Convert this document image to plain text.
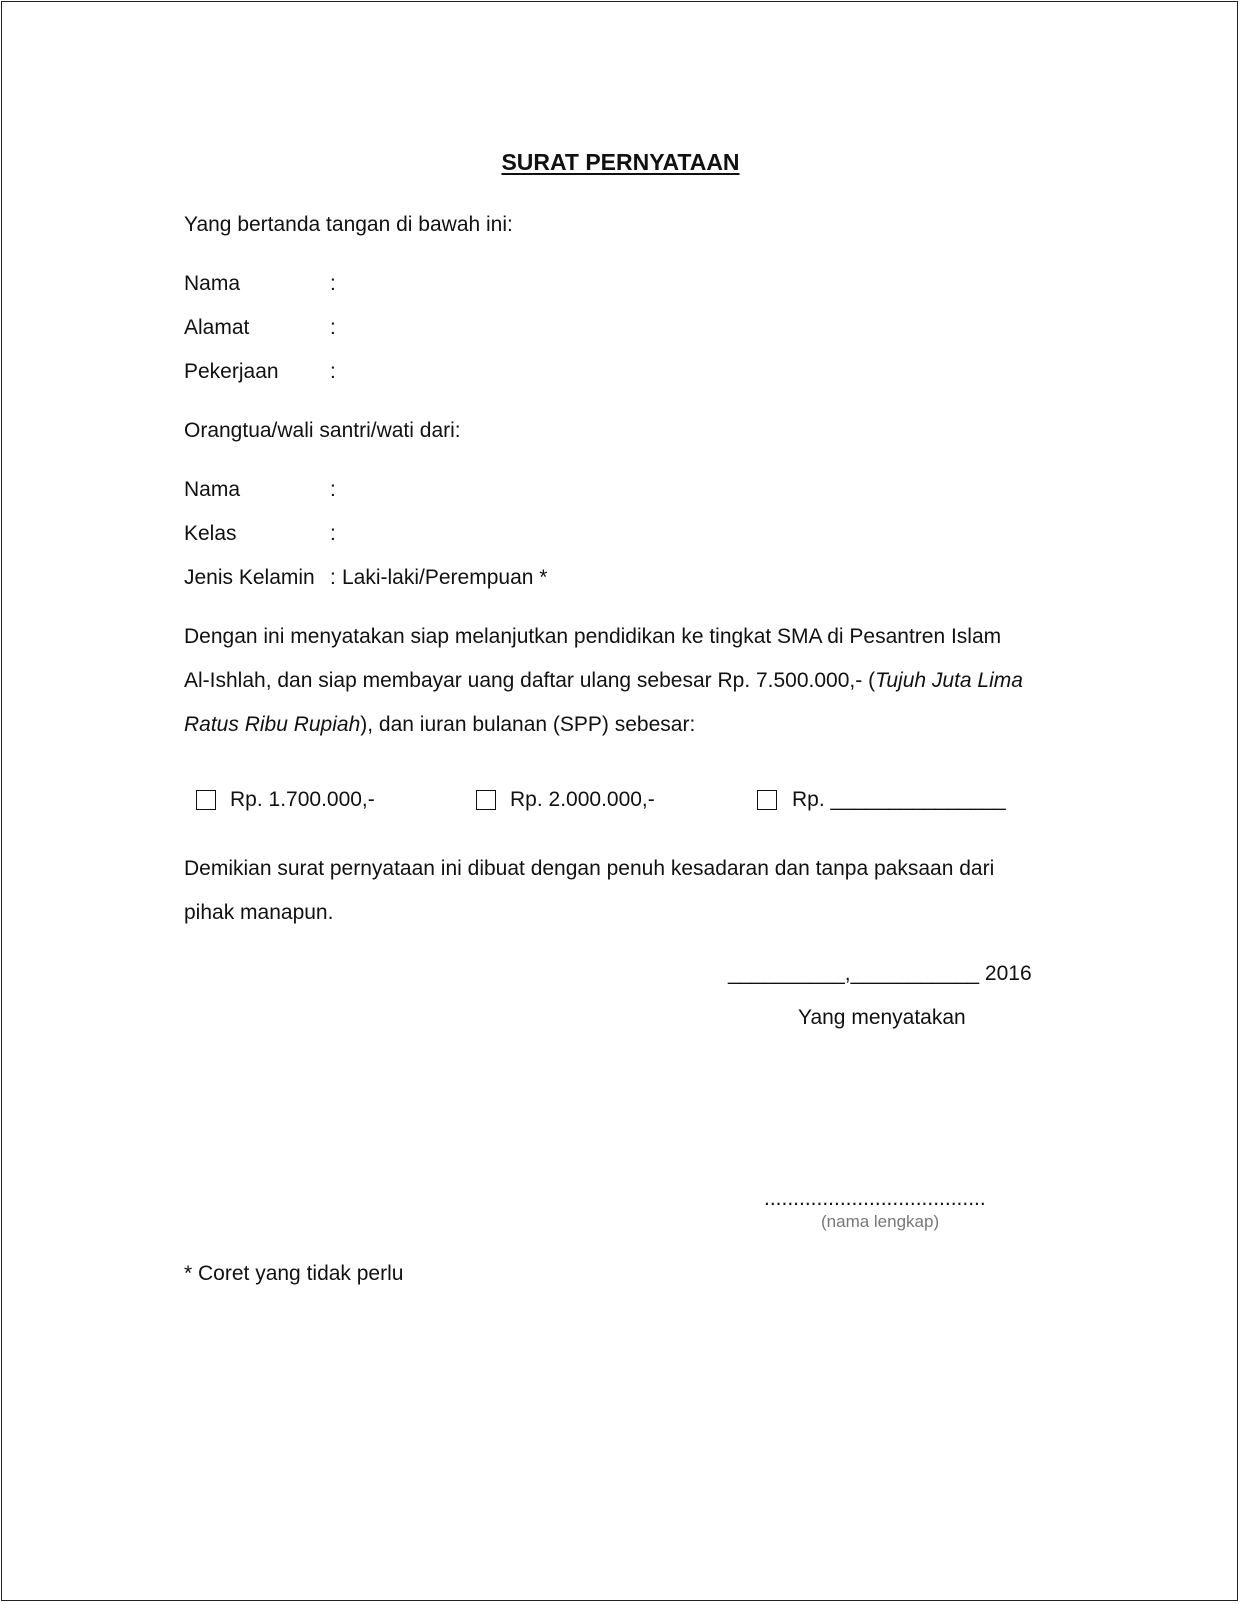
SURAT PERNYATAAN
Yang bertanda tangan di bawah ini:
Nama	:
Alamat	:
Pekerjaan :
Orangtua/wali santri/wati dari:
Nama	:
Kelas	:
Jenis Kelamin : Laki-laki/Perempuan *
Dengan ini menyatakan siap melanjutkan pendidikan ke tingkat SMA di Pesantren Islam
Al-Ishlah, dan siap membayar uang daftar ulang sebesar Rp. 7.500.000,- (Tujuh Juta Lima
Ratus Ribu Rupiah), dan iuran bulanan (SPP) sebesar:
Rp. 1.700.000,-	Rp. 2.000.000,-	Rp. _______________
Demikian surat pernyataan ini dibuat dengan penuh kesadaran dan tanpa paksaan dari
pihak manapun.
__________,___________ 2016
Yang menyatakan
......................................
(nama lengkap)
* Coret yang tidak perlu
